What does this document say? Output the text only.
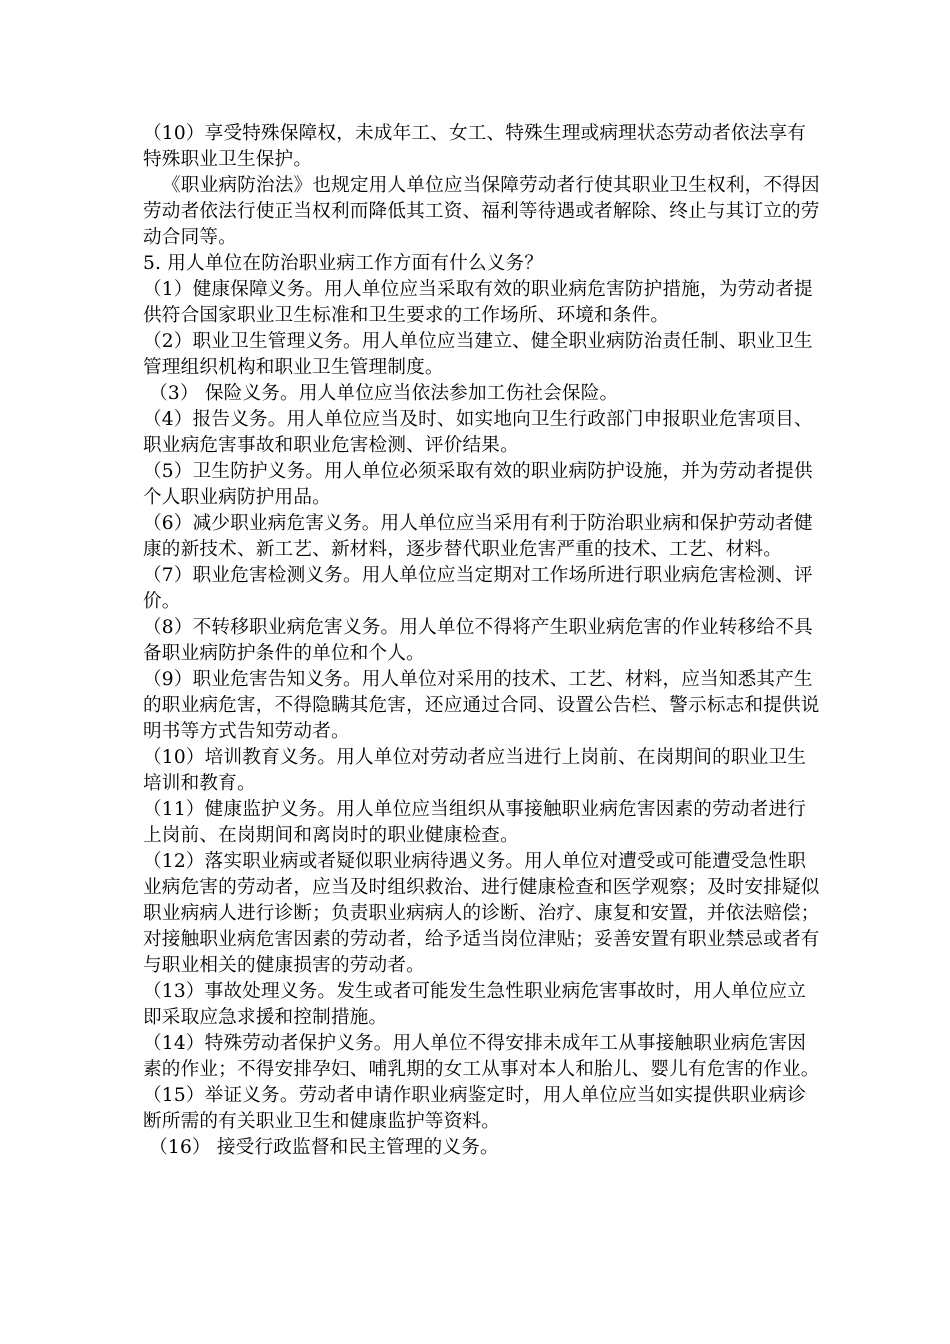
（10）享受特殊保障权，未成年工、女工、特殊生理或病理状态劳动者依法享有特殊职业卫生保护。

《职业病防治法》也规定用人单位应当保障劳动者行使其职业卫生权利，不得因劳动者依法行使正当权利而降低其工资、福利等待遇或者解除、终止与其订立的劳动合同等。

5. 用人单位在防治职业病工作方面有什么义务？

（1）健康保障义务。用人单位应当采取有效的职业病危害防护措施，为劳动者提供符合国家职业卫生标准和卫生要求的工作场所、环境和条件。

（2）职业卫生管理义务。用人单位应当建立、健全职业病防治责任制、职业卫生管理组织机构和职业卫生管理制度。

（3） 保险义务。用人单位应当依法参加工伤社会保险。

（4）报告义务。用人单位应当及时、如实地向卫生行政部门申报职业危害项目、职业病危害事故和职业危害检测、评价结果。

（5）卫生防护义务。用人单位必须采取有效的职业病防护设施，并为劳动者提供个人职业病防护用品。

（6）减少职业病危害义务。用人单位应当采用有利于防治职业病和保护劳动者健康的新技术、新工艺、新材料，逐步替代职业危害严重的技术、工艺、材料。

（7）职业危害检测义务。用人单位应当定期对工作场所进行职业病危害检测、评价。

（8）不转移职业病危害义务。用人单位不得将产生职业病危害的作业转移给不具备职业病防护条件的单位和个人。

（9）职业危害告知义务。用人单位对采用的技术、工艺、材料，应当知悉其产生的职业病危害，不得隐瞒其危害，还应通过合同、设置公告栏、警示标志和提供说明书等方式告知劳动者。

（10）培训教育义务。用人单位对劳动者应当进行上岗前、在岗期间的职业卫生培训和教育。

（11）健康监护义务。用人单位应当组织从事接触职业病危害因素的劳动者进行上岗前、在岗期间和离岗时的职业健康检查。

（12）落实职业病或者疑似职业病待遇义务。用人单位对遭受或可能遭受急性职业病危害的劳动者，应当及时组织救治、进行健康检查和医学观察；及时安排疑似职业病病人进行诊断；负责职业病病人的诊断、治疗、康复和安置，并依法赔偿；对接触职业病危害因素的劳动者，给予适当岗位津贴；妥善安置有职业禁忌或者有与职业相关的健康损害的劳动者。

（13）事故处理义务。发生或者可能发生急性职业病危害事故时，用人单位应立即采取应急求援和控制措施。

（14）特殊劳动者保护义务。用人单位不得安排未成年工从事接触职业病危害因素的作业；不得安排孕妇、哺乳期的女工从事对本人和胎儿、婴儿有危害的作业。

（15）举证义务。劳动者申请作职业病鉴定时，用人单位应当如实提供职业病诊断所需的有关职业卫生和健康监护等资料。

（16） 接受行政监督和民主管理的义务。
